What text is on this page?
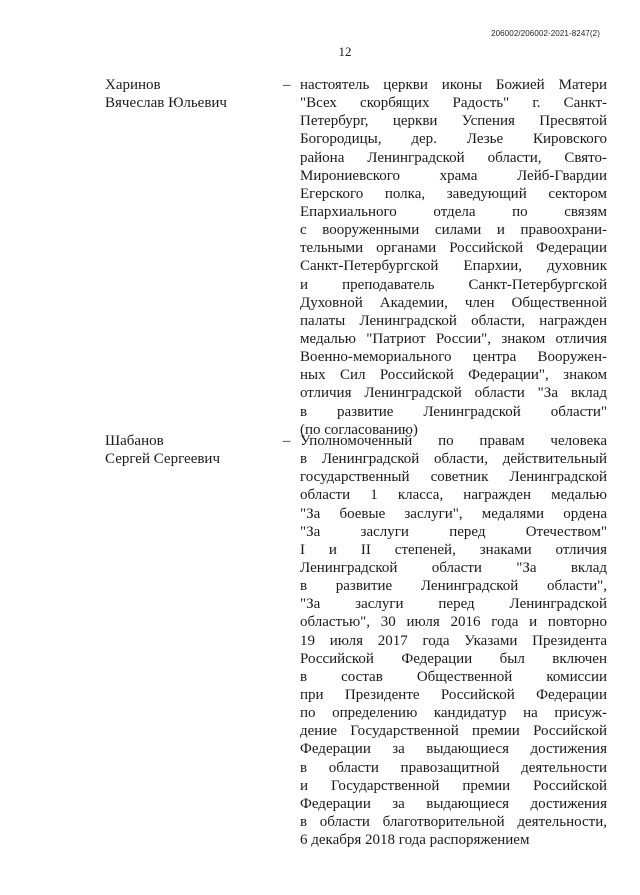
206002/206002-2021-8247(2)
12
Харинов
Вячеслав Юльевич
– настоятель церкви иконы Божией Матери
"Всех скорбящих Радость" г. Санкт-
Петербург, церкви Успения Пресвятой
Богородицы, дер. Лезье Кировского
района Ленинградской области, Свято-
Мирониевского храма Лейб-Гвардии
Егерского полка, заведующий сектором
Епархиального отдела по связям
с вооруженными силами и правоохрани-
тельными органами Российской Федерации
Санкт-Петербургской Епархии, духовник
и преподаватель Санкт-Петербургской
Духовной Академии, член Общественной
палаты Ленинградской области, награжден
медалью "Патриот России", знаком отличия
Военно-мемориального центра Вооружен-
ных Сил Российской Федерации", знаком
отличия Ленинградской области "За вклад
в развитие Ленинградской области"
(по согласованию)
Шабанов
Сергей Сергеевич
– Уполномоченный по правам человека
в Ленинградской области, действительный
государственный советник Ленинградской
области 1 класса, награжден медалью
"За боевые заслуги", медалями ордена
"За заслуги перед Отечеством"
I и II степеней, знаками отличия
Ленинградской области "За вклад
в развитие Ленинградской области",
"За заслуги перед Ленинградской
областью", 30 июля 2016 года и повторно
19 июля 2017 года Указами Президента
Российской Федерации был включен
в состав Общественной комиссии
при Президенте Российской Федерации
по определению кандидатур на присуж-
дение Государственной премии Российской
Федерации за выдающиеся достижения
в области правозащитной деятельности
и Государственной премии Российской
Федерации за выдающиеся достижения
в области благотворительной деятельности,
6 декабря 2018 года распоряжением
